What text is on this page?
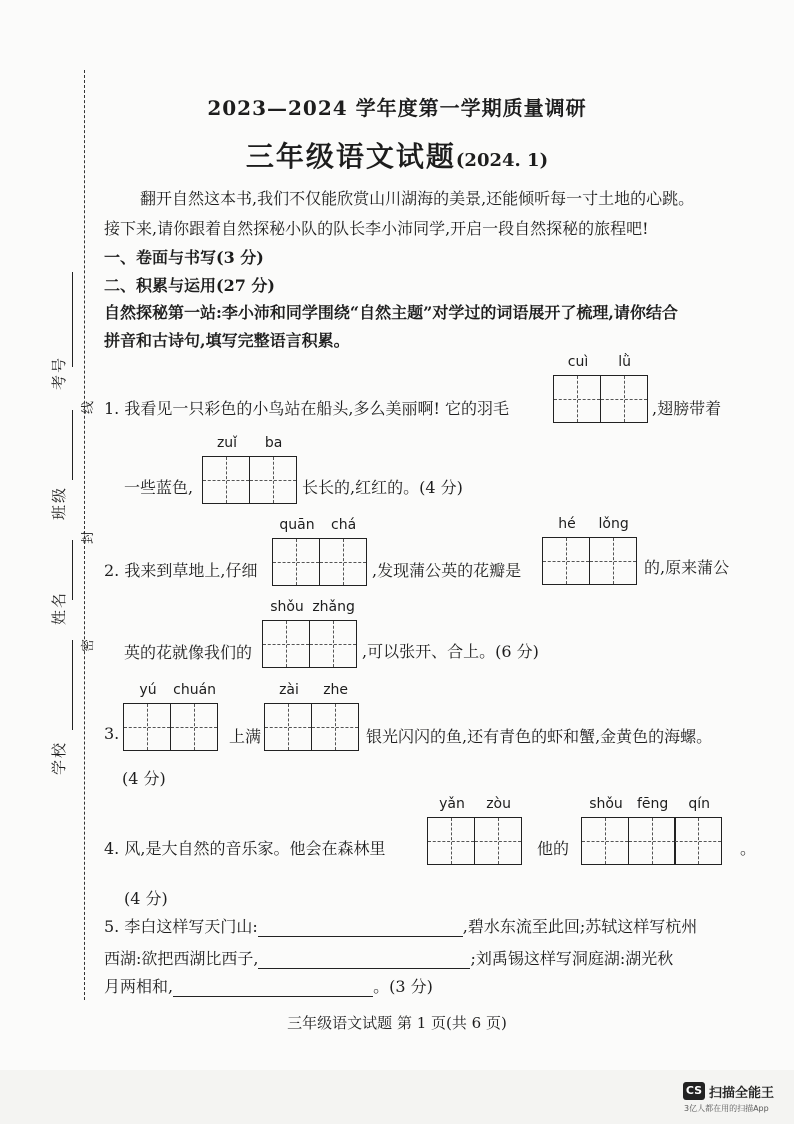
考号
班级
姓名
学校
线
封
密
2023—2024 学年度第一学期质量调研
三年级语文试题(2024. 1)
翻开自然这本书,我们不仅能欣赏山川湖海的美景,还能倾听每一寸土地的心跳。
接下来,请你跟着自然探秘小队的队长李小沛同学,开启一段自然探秘的旅程吧!
一、卷面与书写(3 分)
二、积累与运用(27 分)
自然探秘第一站:李小沛和同学围绕“自然主题”对学过的词语展开了梳理,请你结合
拼音和古诗句,填写完整语言积累。
1. 我看见一只彩色的小鸟站在船头,多么美丽啊! 它的羽毛
cuì	lǜ
,翅膀带着
一些蓝色,
zuǐ	ba
长长的,红红的。(4 分)
2. 我来到草地上,仔细
quān	chá
,发现蒲公英的花瓣是
hé	lǒng
的,原来蒲公
英的花就像我们的
shǒu zhǎng
,可以张开、合上。(6 分)
3.
yú	chuán
上满
zài	zhe
银光闪闪的鱼,还有青色的虾和蟹,金黄色的海螺。
(4 分)
4. 风,是大自然的音乐家。他会在森林里
yǎn	zòu
他的
shǒu	fēng	qín
。
(4 分)
5. 李白这样写天门山:	,碧水东流至此回;苏轼这样写杭州
西湖:欲把西湖比西子,	;刘禹锡这样写洞庭湖:湖光秋
月两相和,	。(3 分)
三年级语文试题 第 1 页(共 6 页)
CS 扫描全能王
3亿人都在用的扫描App
